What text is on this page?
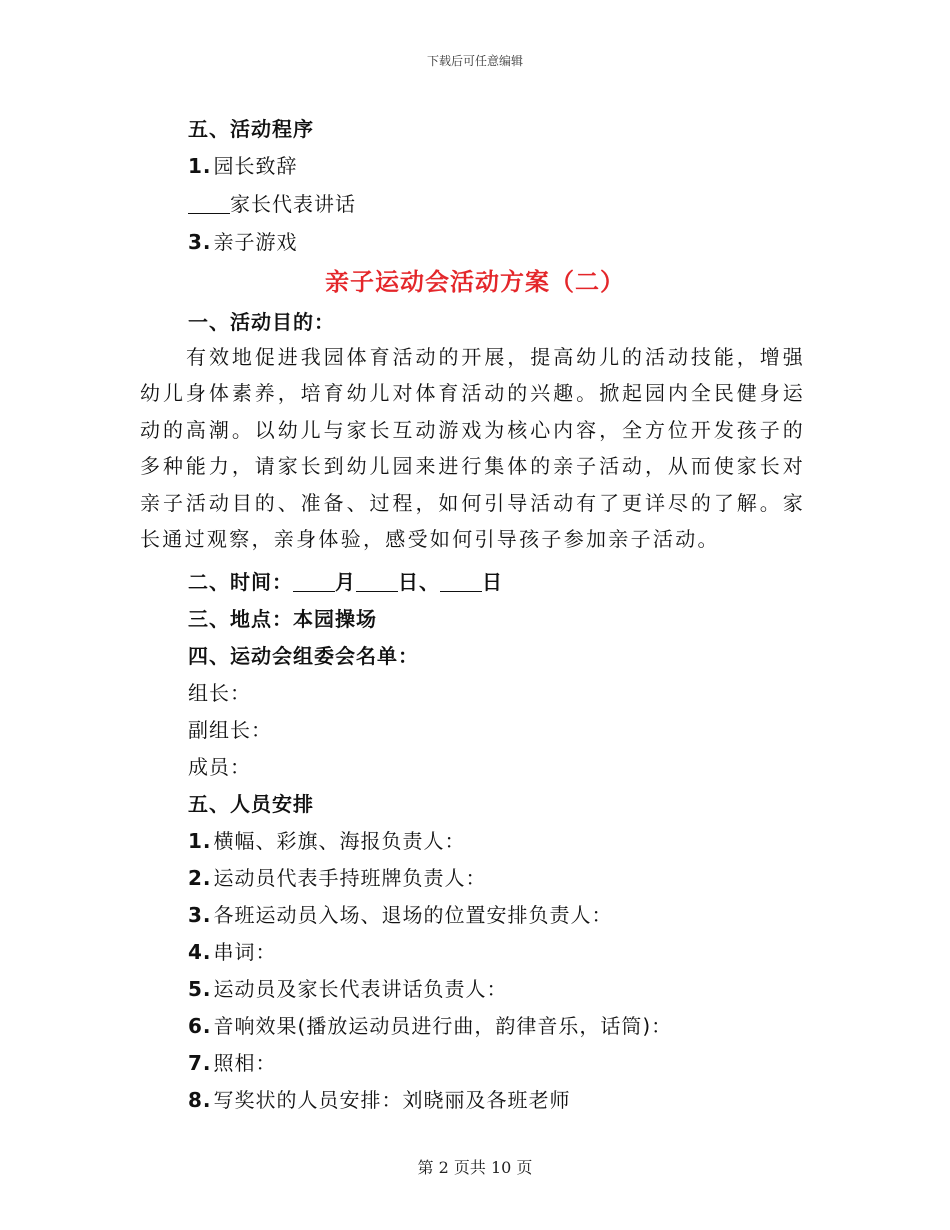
下载后可任意编辑
五、活动程序
1. 园长致辞
家长代表讲话
3. 亲子游戏
亲子运动会活动方案（二）
一、活动目的：
有效地促进我园体育活动的开展，提高幼儿的活动技能，增强幼儿身体素养，培育幼儿对体育活动的兴趣。掀起园内全民健身运动的高潮。以幼儿与家长互动游戏为核心内容，全方位开发孩子的多种能力，请家长到幼儿园来进行集体的亲子活动，从而使家长对亲子活动目的、准备、过程，如何引导活动有了更详尽的了解。家长通过观察，亲身体验，感受如何引导孩子参加亲子活动。
二、时间： 月 日、 日
三、地点：本园操场
四、运动会组委会名单：
组长：
副组长：
成员：
五、人员安排
1. 横幅、彩旗、海报负责人：
2. 运动员代表手持班牌负责人：
3. 各班运动员入场、退场的位置安排负责人：
4. 串词：
5. 运动员及家长代表讲话负责人：
6. 音响效果(播放运动员进行曲，韵律音乐，话筒)：
7. 照相：
8. 写奖状的人员安排：刘晓丽及各班老师
第 2 页共 10 页
